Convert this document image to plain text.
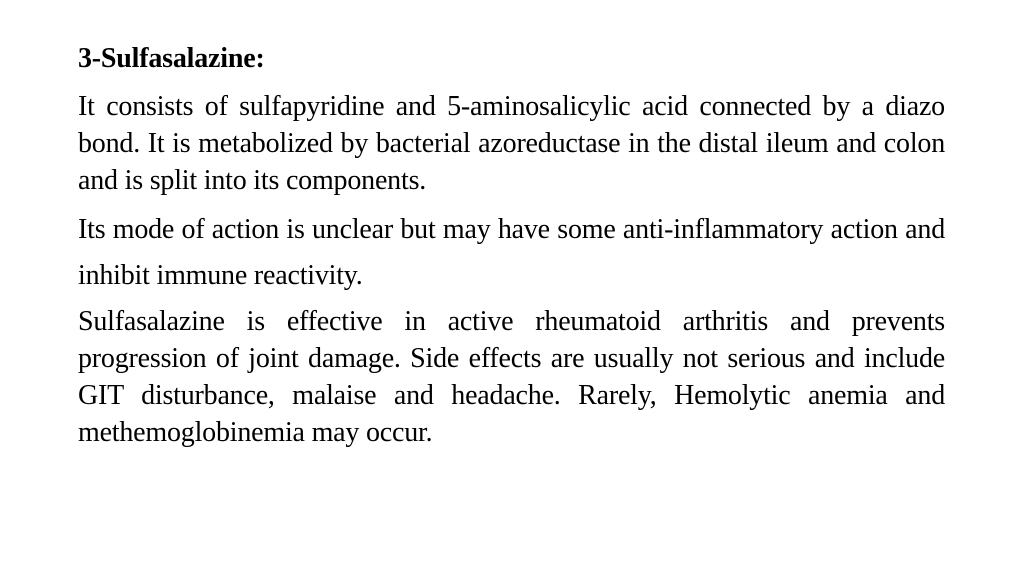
3-Sulfasalazine:

It consists of sulfapyridine and 5-aminosalicylic acid connected by a diazo bond. It is metabolized by bacterial azoreductase in the distal ileum and colon and is split into its components.

Its mode of action is unclear but may have some anti-inflammatory action and inhibit immune reactivity.

Sulfasalazine is effective in active rheumatoid arthritis and prevents progression of joint damage. Side effects are usually not serious and include GIT disturbance, malaise and headache. Rarely, Hemolytic anemia and methemoglobinemia may occur.
